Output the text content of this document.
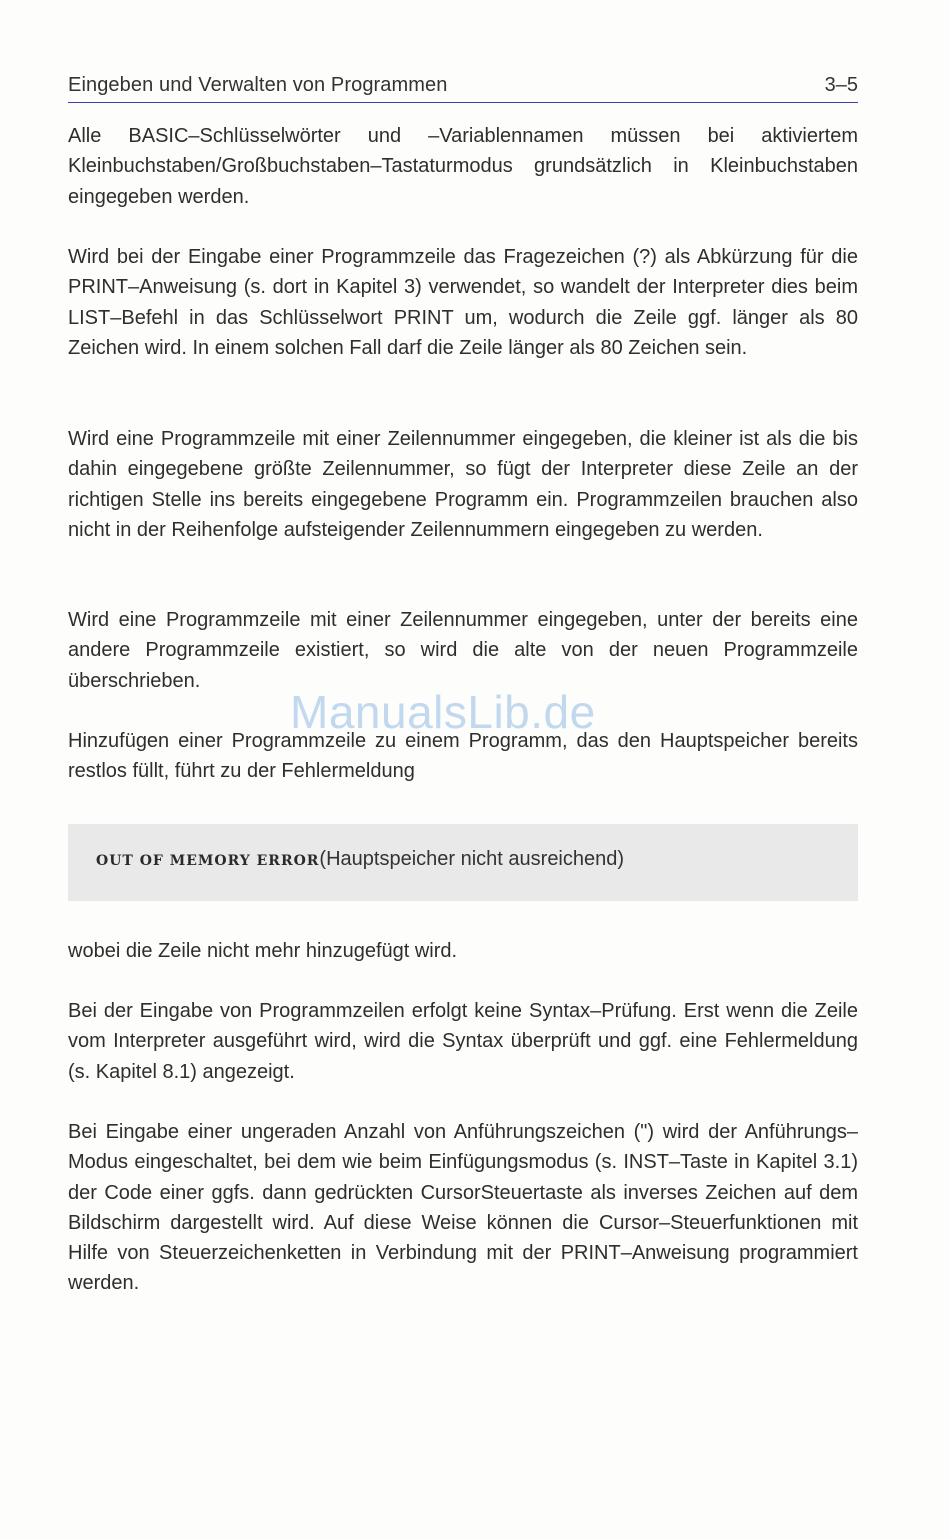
Eingeben und Verwalten von Programmen	3–5

Alle BASIC–Schlüsselwörter und –Variablennamen müssen bei aktiviertem Kleinbuchstaben/Großbuchstaben–Tastaturmodus grundsätzlich in Kleinbuchstaben eingegeben werden.

Wird bei der Eingabe einer Programmzeile das Fragezeichen (?) als Abkürzung für die PRINT–Anweisung (s. dort in Kapitel 3) verwendet, so wandelt der Interpreter dies beim LIST–Befehl in das Schlüsselwort PRINT um, wodurch die Zeile ggf. länger als 80 Zeichen wird. In einem solchen Fall darf die Zeile länger als 80 Zeichen sein.

Wird eine Programmzeile mit einer Zeilennummer eingegeben, die kleiner ist als die bis dahin eingegebene größte Zeilennummer, so fügt der Interpreter diese Zeile an der richtigen Stelle ins bereits eingegebene Programm ein. Programmzeilen brauchen also nicht in der Reihenfolge aufsteigender Zeilennummern eingegeben zu werden.

Wird eine Programmzeile mit einer Zeilennummer eingegeben, unter der bereits eine andere Programmzeile existiert, so wird die alte von der neuen Programmzeile überschrieben.

Hinzufügen einer Programmzeile zu einem Programm, das den Hauptspeicher bereits restlos füllt, führt zu der Fehlermeldung

OUT OF MEMORY ERROR(Hauptspeicher nicht ausreichend)

wobei die Zeile nicht mehr hinzugefügt wird.

Bei der Eingabe von Programmzeilen erfolgt keine Syntax–Prüfung. Erst wenn die Zeile vom Interpreter ausgeführt wird, wird die Syntax überprüft und ggf. eine Fehlermeldung (s. Kapitel 8.1) angezeigt.

Bei Eingabe einer ungeraden Anzahl von Anführungszeichen (") wird der Anführungs–Modus eingeschaltet, bei dem wie beim Einfügungsmodus (s. INST–Taste in Kapitel 3.1) der Code einer ggfs. dann gedrückten CursorSteuertaste als inverses Zeichen auf dem Bildschirm dargestellt wird. Auf diese Weise können die Cursor–Steuerfunktionen mit Hilfe von Steuerzeichenketten in Verbindung mit der PRINT–Anweisung programmiert werden.

ManualsLib.de
